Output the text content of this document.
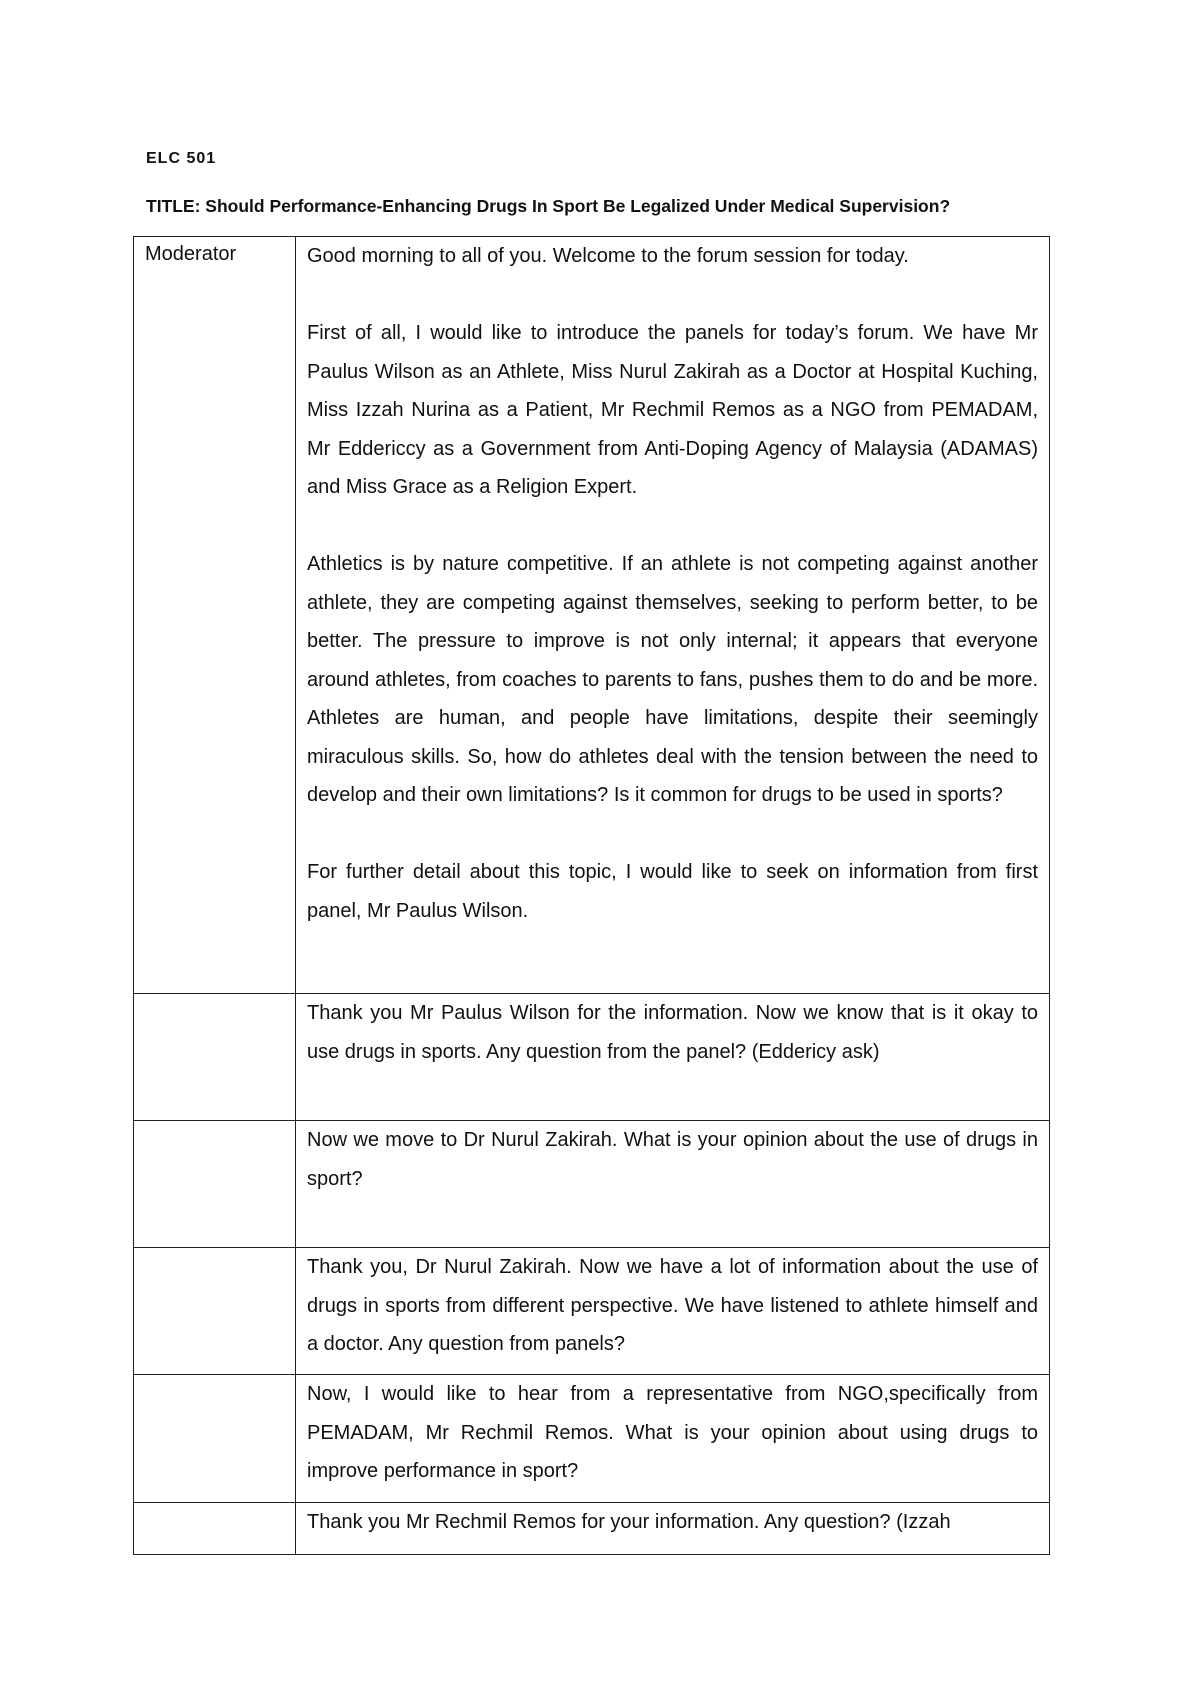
ELC 501
TITLE: Should Performance-Enhancing Drugs In Sport Be Legalized Under Medical Supervision?
Moderator	Good morning to all of you. Welcome to the forum session for today.

First of all, I would like to introduce the panels for today’s forum. We have Mr Paulus Wilson as an Athlete, Miss Nurul Zakirah as a Doctor at Hospital Kuching, Miss Izzah Nurina as a Patient, Mr Rechmil Remos as a NGO from PEMADAM, Mr Eddericcy as a Government from Anti-Doping Agency of Malaysia (ADAMAS) and Miss Grace as a Religion Expert.

Athletics is by nature competitive. If an athlete is not competing against another athlete, they are competing against themselves, seeking to perform better, to be better. The pressure to improve is not only internal; it appears that everyone around athletes, from coaches to parents to fans, pushes them to do and be more. Athletes are human, and people have limitations, despite their seemingly miraculous skills. So, how do athletes deal with the tension between the need to develop and their own limitations? Is it common for drugs to be used in sports?

For further detail about this topic, I would like to seek on information from first panel, Mr Paulus Wilson.

	Thank you Mr Paulus Wilson for the information. Now we know that is it okay to use drugs in sports. Any question from the panel? (Eddericy ask)

	Now we move to Dr Nurul Zakirah. What is your opinion about the use of drugs in sport?

	Thank you, Dr Nurul Zakirah. Now we have a lot of information about the use of drugs in sports from different perspective. We have listened to athlete himself and a doctor. Any question from panels?

	Now, I would like to hear from a representative from NGO,specifically from PEMADAM, Mr Rechmil Remos. What is your opinion about using drugs to improve performance in sport?

	Thank you Mr Rechmil Remos for your information. Any question? (Izzah
